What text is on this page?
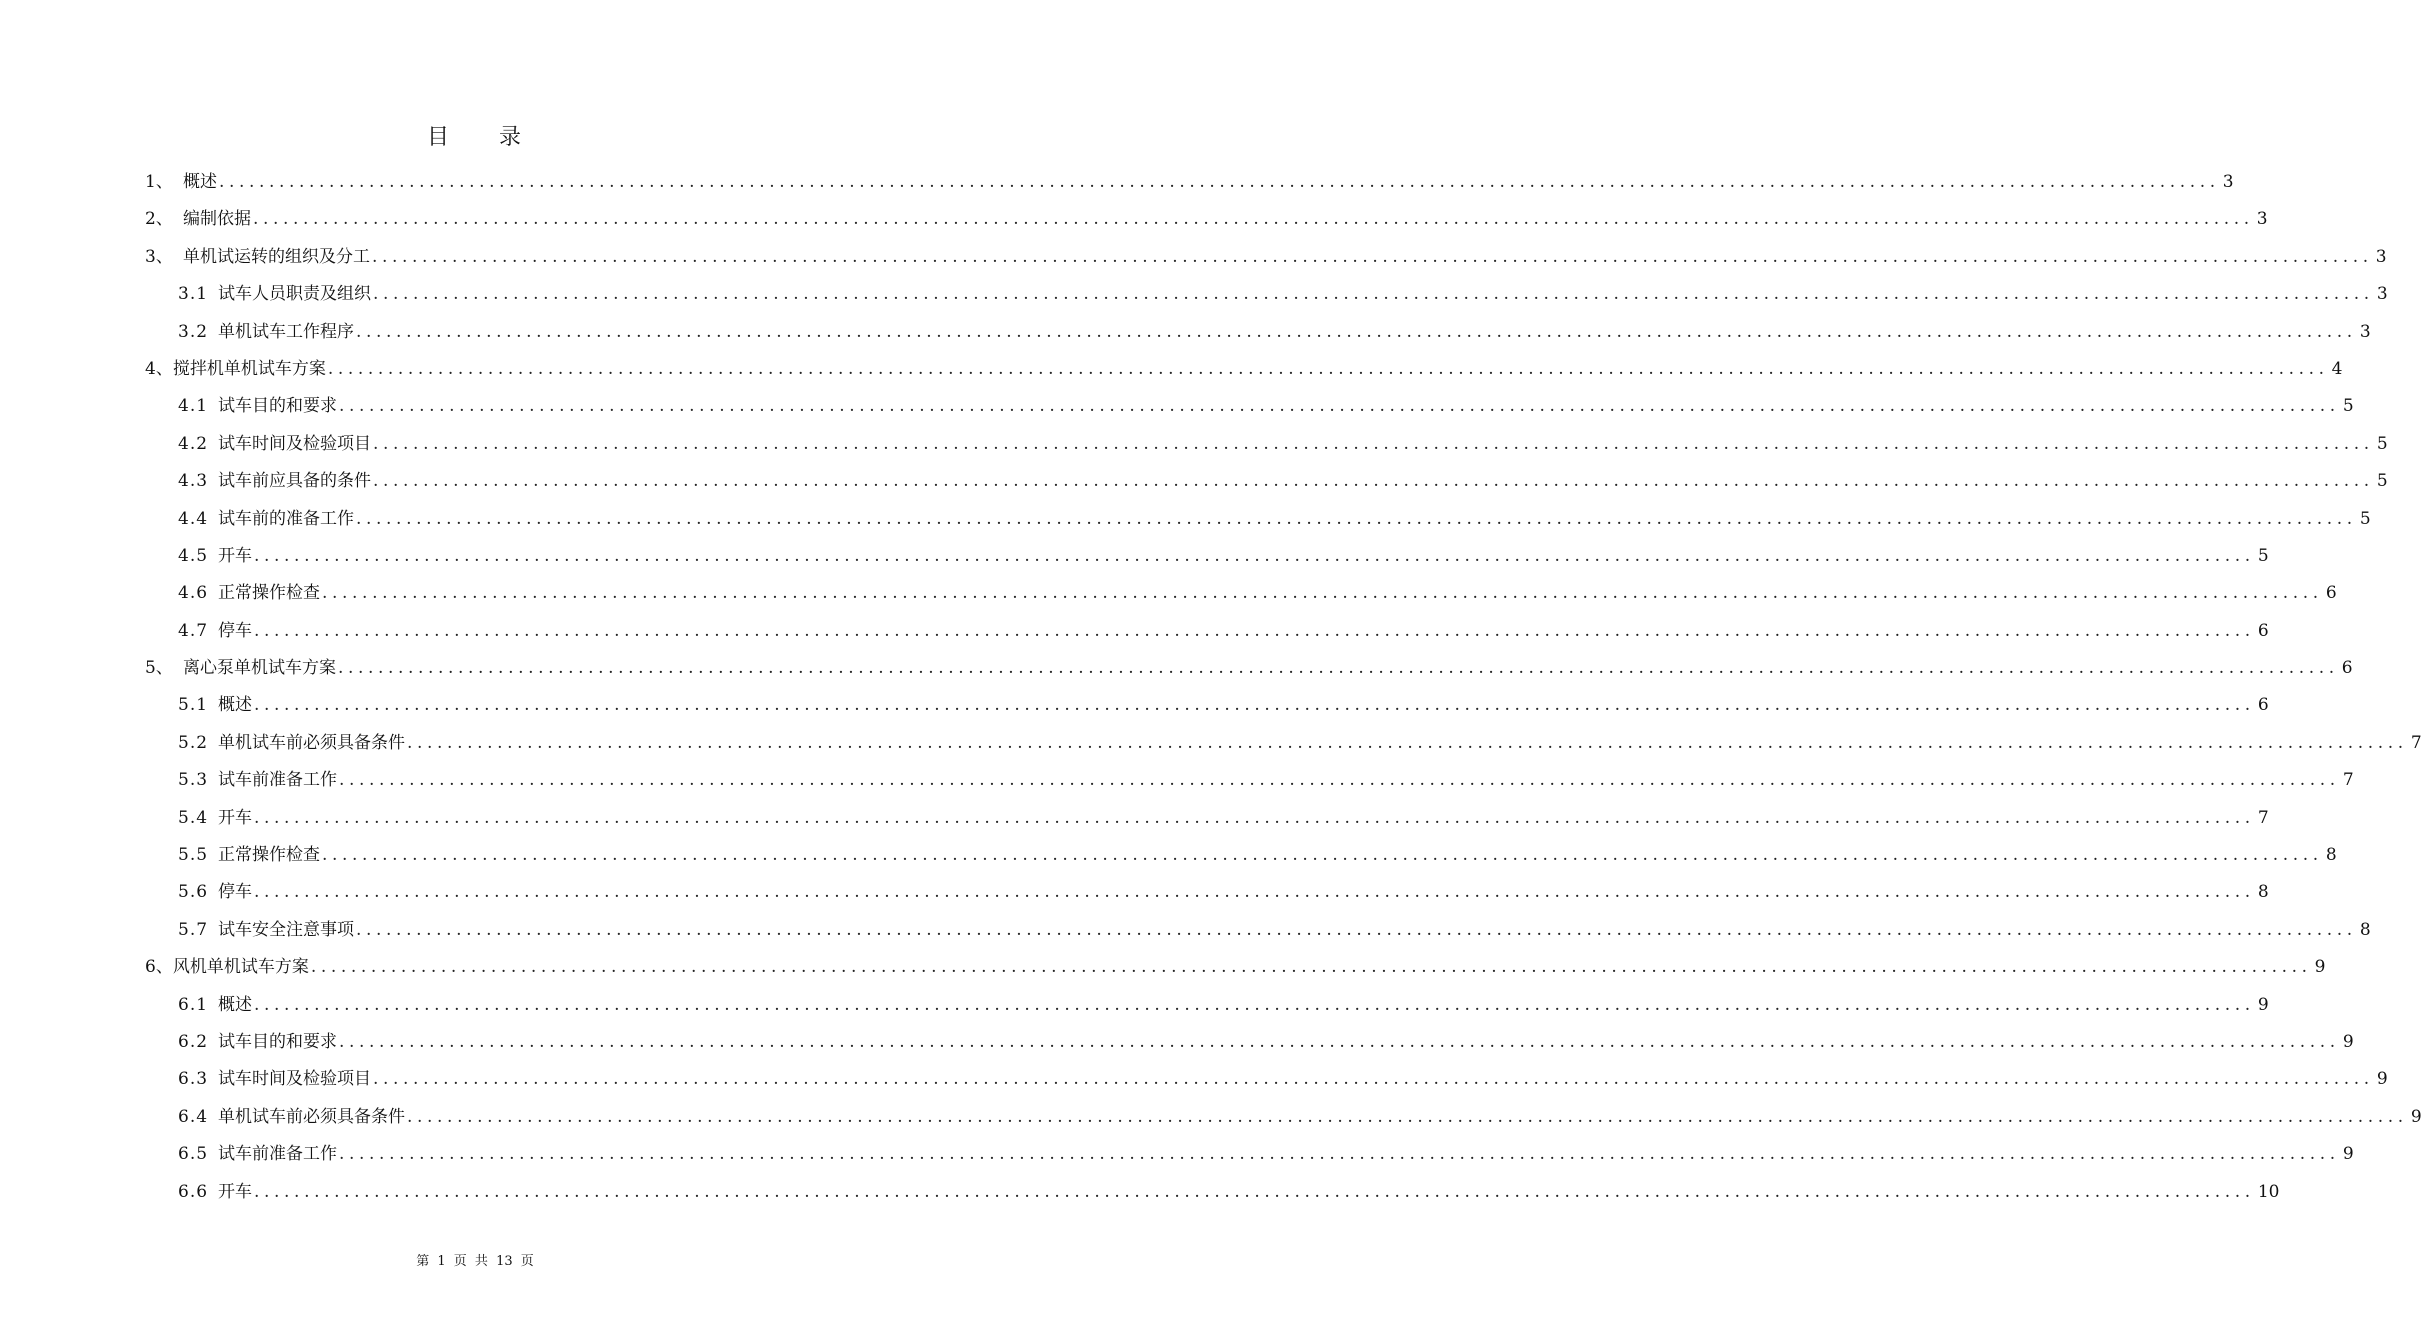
目 录
1、 概述 ........................................................................................................................................................................................................ 3
2、 编制依据 ........................................................................................................................................................................................................ 3
3、 单机试运转的组织及分工 ........................................................................................................................................................................................................ 3
3.1 试车人员职责及组织 ........................................................................................................................................................................................................ 3
3.2 单机试车工作程序 ........................................................................................................................................................................................................ 3
4、 搅拌机单机试车方案 ........................................................................................................................................................................................................ 4
4.1 试车目的和要求 ........................................................................................................................................................................................................ 5
4.2 试车时间及检验项目 ........................................................................................................................................................................................................ 5
4.3 试车前应具备的条件 ........................................................................................................................................................................................................ 5
4.4 试车前的准备工作 ........................................................................................................................................................................................................ 5
4.5 开车 ........................................................................................................................................................................................................ 5
4.6 正常操作检查 ........................................................................................................................................................................................................ 6
4.7 停车 ........................................................................................................................................................................................................ 6
5、 离心泵单机试车方案 ........................................................................................................................................................................................................ 6
5.1 概述 ........................................................................................................................................................................................................ 6
5.2 单机试车前必须具备条件 ........................................................................................................................................................................................................ 7
5.3 试车前准备工作 ........................................................................................................................................................................................................ 7
5.4 开车 ........................................................................................................................................................................................................ 7
5.5 正常操作检查 ........................................................................................................................................................................................................ 8
5.6 停车 ........................................................................................................................................................................................................ 8
5.7 试车安全注意事项 ........................................................................................................................................................................................................ 8
6、 风机单机试车方案 ........................................................................................................................................................................................................ 9
6.1 概述 ........................................................................................................................................................................................................ 9
6.2 试车目的和要求 ........................................................................................................................................................................................................ 9
6.3 试车时间及检验项目 ........................................................................................................................................................................................................ 9
6.4 单机试车前必须具备条件 ........................................................................................................................................................................................................ 9
6.5 试车前准备工作 ........................................................................................................................................................................................................ 9
6.6 开车 ........................................................................................................................................................................................................ 10
第 1 页 共 13 页
